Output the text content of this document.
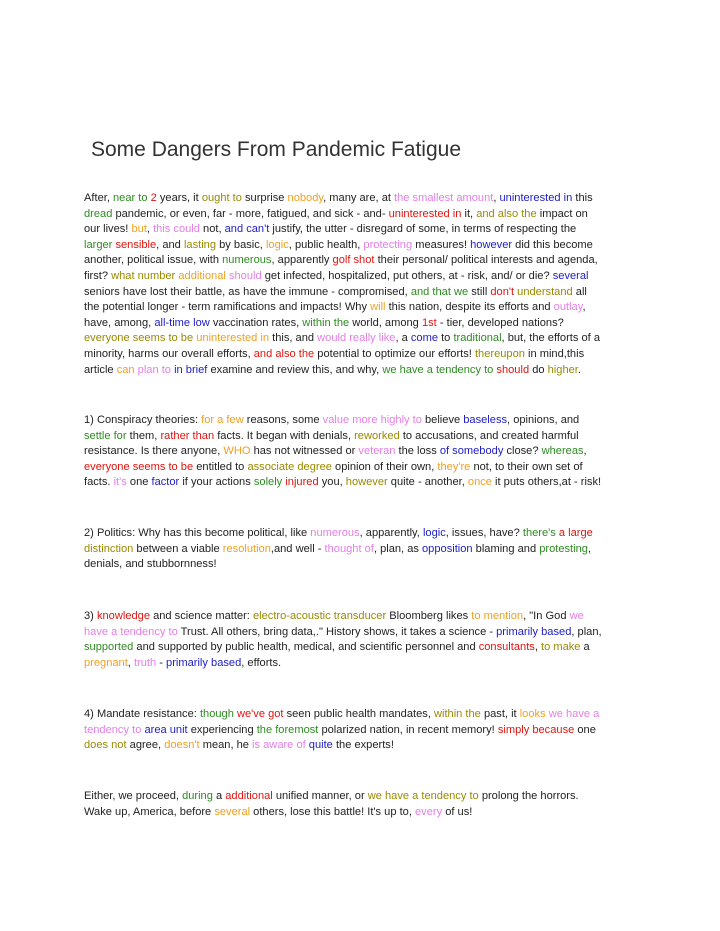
Some Dangers From Pandemic Fatigue
After, near to 2 years, it ought to surprise nobody, many are, at the smallest amount, uninterested in this
dread pandemic, or even, far - more, fatigued, and sick - and- uninterested in it, and also the impact on
our lives! but, this could not, and can't justify, the utter - disregard of some, in terms of respecting the
larger sensible, and lasting by basic, logic, public health, protecting measures! however did this become
another, political issue, with numerous, apparently golf shot their personal/ political interests and agenda,
first? what number additional should get infected, hospitalized, put others, at - risk, and/ or die? several
seniors have lost their battle, as have the immune - compromised, and that we still don't understand all
the potential longer - term ramifications and impacts! Why will this nation, despite its efforts and outlay,
have, among, all-time low vaccination rates, within the world, among 1st - tier, developed nations?
everyone seems to be uninterested in this, and would really like, a come to traditional, but, the efforts of a
minority, harms our overall efforts, and also the potential to optimize our efforts! thereupon in mind,this
article can plan to in brief examine and review this, and why, we have a tendency to should do higher.
1) Conspiracy theories: for a few reasons, some value more highly to believe baseless, opinions, and
settle for them, rather than facts. It began with denials, reworked to accusations, and created harmful
resistance. Is there anyone, WHO has not witnessed or veteran the loss of somebody close? whereas,
everyone seems to be entitled to associate degree opinion of their own, they're not, to their own set of
facts. it's one factor if your actions solely injured you, however quite - another, once it puts others,at - risk!
2) Politics: Why has this become political, like numerous, apparently, logic, issues, have? there's a large
distinction between a viable resolution,and well - thought of, plan, as opposition blaming and protesting,
denials, and stubbornness!
3) knowledge and science matter: electro-acoustic transducer Bloomberg likes to mention, "In God we
have a tendency to Trust. All others, bring data,." History shows, it takes a science - primarily based, plan,
supported and supported by public health, medical, and scientific personnel and consultants, to make a
pregnant, truth - primarily based, efforts.
4) Mandate resistance: though we've got seen public health mandates, within the past, it looks we have a
tendency to area unit experiencing the foremost polarized nation, in recent memory! simply because one
does not agree, doesn't mean, he is aware of quite the experts!
Either, we proceed, during a additional unified manner, or we have a tendency to prolong the horrors.
Wake up, America, before several others, lose this battle! It's up to, every of us!
